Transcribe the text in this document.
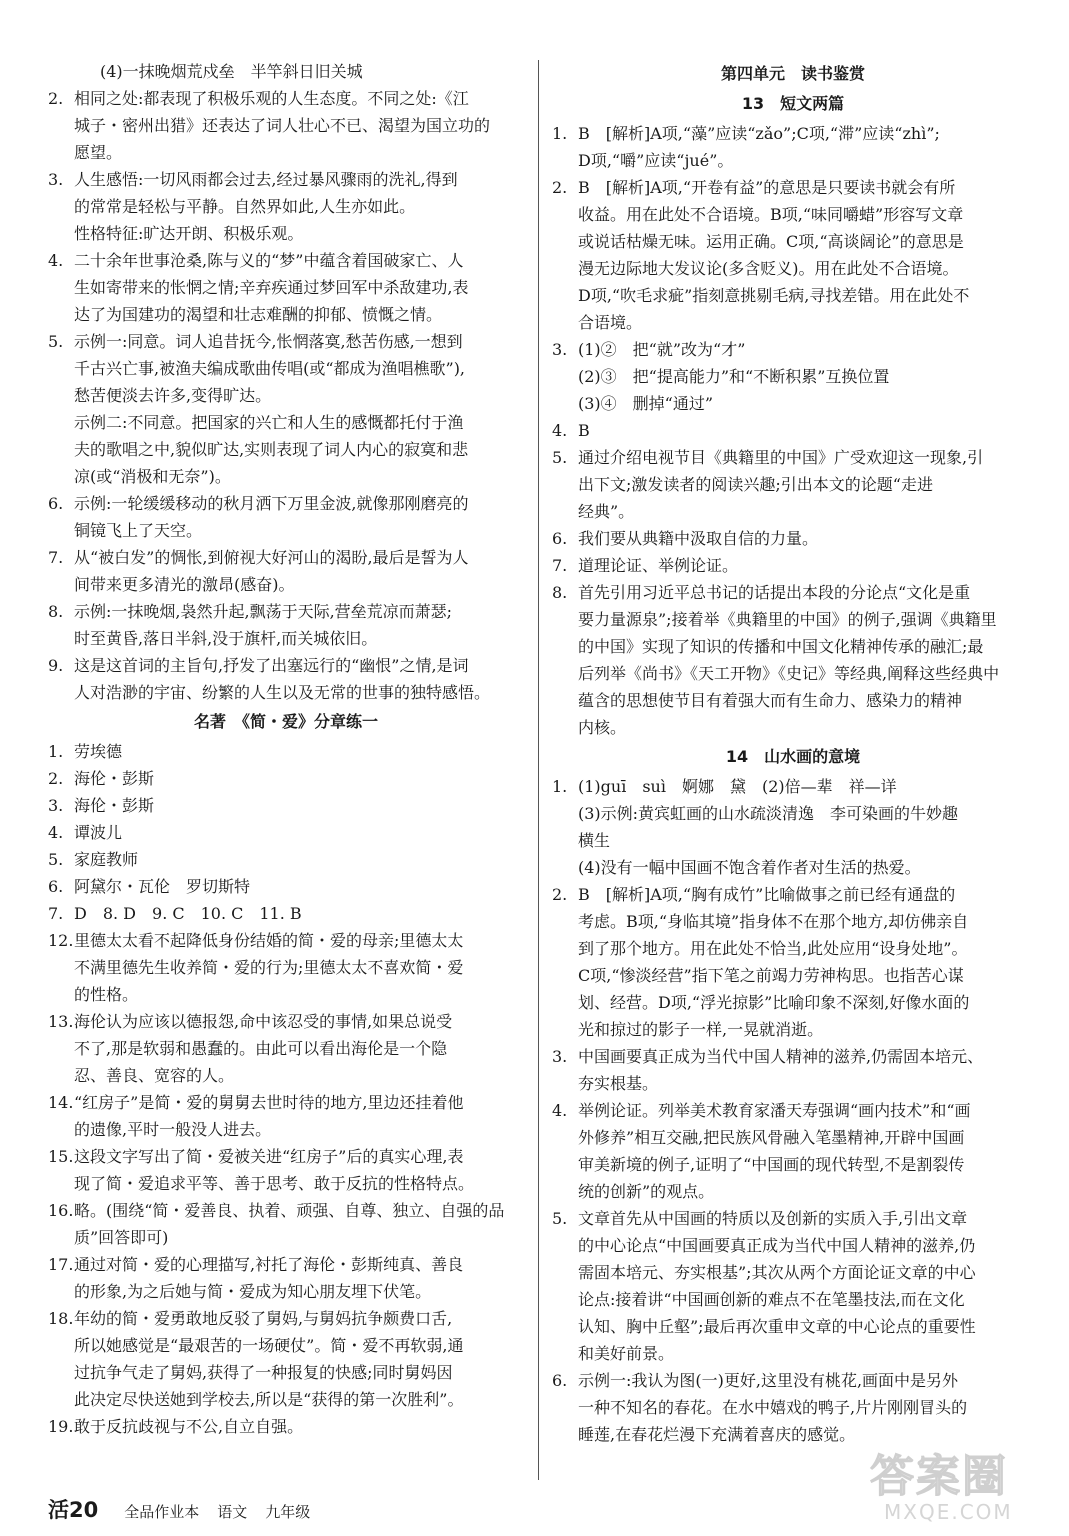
(4)一抹晚烟荒戍垒　半竿斜日旧关城
2. 相同之处:都表现了积极乐观的人生态度。不同之处:《江
城子・密州出猎》还表达了词人壮心不已、渴望为国立功的
愿望。
3. 人生感悟:一切风雨都会过去,经过暴风骤雨的洗礼,得到
的常常是轻松与平静。自然界如此,人生亦如此。
性格特征:旷达开朗、积极乐观。
4. 二十余年世事沧桑,陈与义的“梦”中蕴含着国破家亡、人
生如寄带来的怅惘之情;辛弃疾通过梦回军中杀敌建功,表
达了为国建功的渴望和壮志难酬的抑郁、愤慨之情。
5. 示例一:同意。词人追昔抚今,怅惘落寞,愁苦伤感,一想到
千古兴亡事,被渔夫编成歌曲传唱(或“都成为渔唱樵歌”),
愁苦便淡去许多,变得旷达。
示例二:不同意。把国家的兴亡和人生的感慨都托付于渔
夫的歌唱之中,貌似旷达,实则表现了词人内心的寂寞和悲
凉(或“消极和无奈”)。
6. 示例:一轮缓缓移动的秋月洒下万里金波,就像那刚磨亮的
铜镜飞上了天空。
7. 从“被白发”的惆怅,到俯视大好河山的渴盼,最后是誓为人
间带来更多清光的激昂(感奋)。
8. 示例:一抹晚烟,袅然升起,飘荡于天际,营垒荒凉而萧瑟;
时至黄昏,落日半斜,没于旗杆,而关城依旧。
9. 这是这首词的主旨句,抒发了出塞远行的“幽恨”之情,是词
人对浩渺的宇宙、纷繁的人生以及无常的世事的独特感悟。
名著　《简・爱》分章练一
1. 劳埃德
2. 海伦・彭斯
3. 海伦・彭斯
4. 谭波儿
5. 家庭教师
6. 阿黛尔・瓦伦　罗切斯特
7. D　8. D　9. C　10. C　11. B
12. 里德太太看不起降低身份结婚的简・爱的母亲;里德太太
不满里德先生收养简・爱的行为;里德太太不喜欢简・爱
的性格。
13. 海伦认为应该以德报怨,命中该忍受的事情,如果总说受
不了,那是软弱和愚蠢的。由此可以看出海伦是一个隐
忍、善良、宽容的人。
14. “红房子”是简・爱的舅舅去世时待的地方,里边还挂着他
的遗像,平时一般没人进去。
15. 这段文字写出了简・爱被关进“红房子”后的真实心理,表
现了简・爱追求平等、善于思考、敢于反抗的性格特点。
16. 略。(围绕“简・爱善良、执着、顽强、自尊、独立、自强的品
质”回答即可)
17. 通过对简・爱的心理描写,衬托了海伦・彭斯纯真、善良
的形象,为之后她与简・爱成为知心朋友埋下伏笔。
18. 年幼的简・爱勇敢地反驳了舅妈,与舅妈抗争颇费口舌,
所以她感觉是“最艰苦的一场硬仗”。简・爱不再软弱,通
过抗争气走了舅妈,获得了一种报复的快感;同时舅妈因
此决定尽快送她到学校去,所以是“获得的第一次胜利”。
19. 敢于反抗歧视与不公,自立自强。
第四单元　读书鉴赏
13　短文两篇
1. B　[解析]A项,“藻”应读“zǎo”;C项,“滞”应读“zhì”;
D项,“嚼”应读“jué”。
2. B　[解析]A项,“开卷有益”的意思是只要读书就会有所
收益。用在此处不合语境。B项,“味同嚼蜡”形容写文章
或说话枯燥无味。运用正确。C项,“高谈阔论”的意思是
漫无边际地大发议论(多含贬义)。用在此处不合语境。
D项,“吹毛求疵”指刻意挑剔毛病,寻找差错。用在此处不
合语境。
3. (1)②　把“就”改为“才”
(2)③　把“提高能力”和“不断积累”互换位置
(3)④　删掉“通过”
4. B
5. 通过介绍电视节目《典籍里的中国》广受欢迎这一现象,引
出下文;激发读者的阅读兴趣;引出本文的论题“走进
经典”。
6. 我们要从典籍中汲取自信的力量。
7. 道理论证、举例论证。
8. 首先引用习近平总书记的话提出本段的分论点“文化是重
要力量源泉”;接着举《典籍里的中国》的例子,强调《典籍里
的中国》实现了知识的传播和中国文化精神传承的融汇;最
后列举《尚书》《天工开物》《史记》等经典,阐释这些经典中
蕴含的思想使节目有着强大而有生命力、感染力的精神
内核。
14　山水画的意境
1. (1)guī　suì　婀娜　黛　(2)倍—辈　祥—详
(3)示例:黄宾虹画的山水疏淡清逸　李可染画的牛妙趣
横生
(4)没有一幅中国画不饱含着作者对生活的热爱。
2. B　[解析]A项,“胸有成竹”比喻做事之前已经有通盘的
考虑。B项,“身临其境”指身体不在那个地方,却仿佛亲自
到了那个地方。用在此处不恰当,此处应用“设身处地”。
C项,“惨淡经营”指下笔之前竭力劳神构思。也指苦心谋
划、经营。D项,“浮光掠影”比喻印象不深刻,好像水面的
光和掠过的影子一样,一晃就消逝。
3. 中国画要真正成为当代中国人精神的滋养,仍需固本培元、
夯实根基。
4. 举例论证。列举美术教育家潘天寿强调“画内技术”和“画
外修养”相互交融,把民族风骨融入笔墨精神,开辟中国画
审美新境的例子,证明了“中国画的现代转型,不是割裂传
统的创新”的观点。
5. 文章首先从中国画的特质以及创新的实质入手,引出文章
的中心论点“中国画要真正成为当代中国人精神的滋养,仍
需固本培元、夯实根基”;其次从两个方面论证文章的中心
论点:接着讲“中国画创新的难点不在笔墨技法,而在文化
认知、胸中丘壑”;最后再次重申文章的中心论点的重要性
和美好前景。
6. 示例一:我认为图(一)更好,这里没有桃花,画面中是另外
一种不知名的春花。在水中嬉戏的鸭子,片片刚刚冒头的
睡莲,在春花烂漫下充满着喜庆的感觉。
活20 全品作业本 语文 九年级
答案圈
MXQE.COM
